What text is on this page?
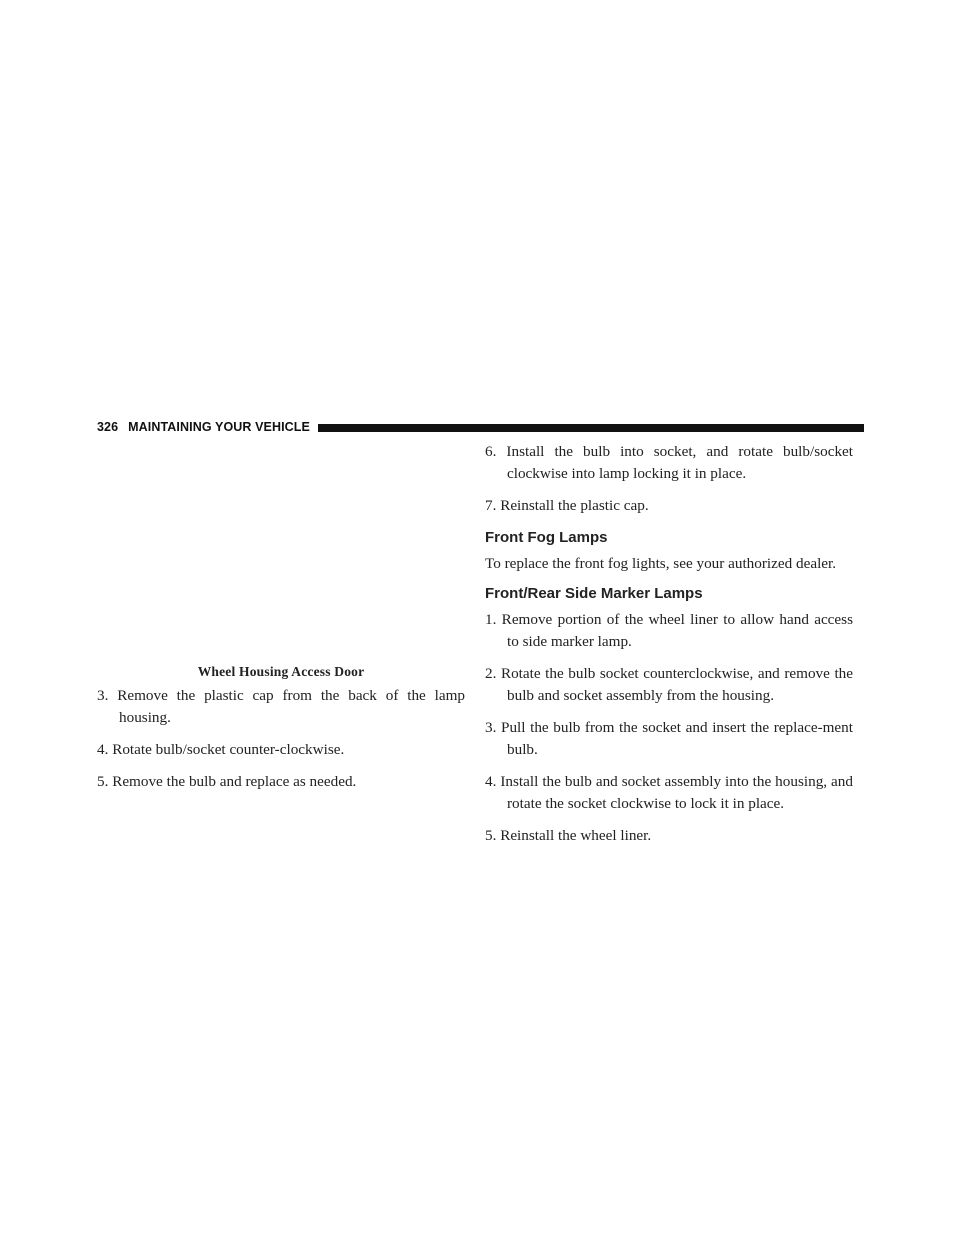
326 MAINTAINING YOUR VEHICLE

Wheel Housing Access Door

3. Remove the plastic cap from the back of the lamp housing.

4. Rotate bulb/socket counter-clockwise.

5. Remove the bulb and replace as needed.

6. Install the bulb into socket, and rotate bulb/socket clockwise into lamp locking it in place.

7. Reinstall the plastic cap.

Front Fog Lamps

To replace the front fog lights, see your authorized dealer.

Front/Rear Side Marker Lamps

1. Remove portion of the wheel liner to allow hand access to side marker lamp.

2. Rotate the bulb socket counterclockwise, and remove the bulb and socket assembly from the housing.

3. Pull the bulb from the socket and insert the replace-ment bulb.

4. Install the bulb and socket assembly into the housing, and rotate the socket clockwise to lock it in place.

5. Reinstall the wheel liner.
